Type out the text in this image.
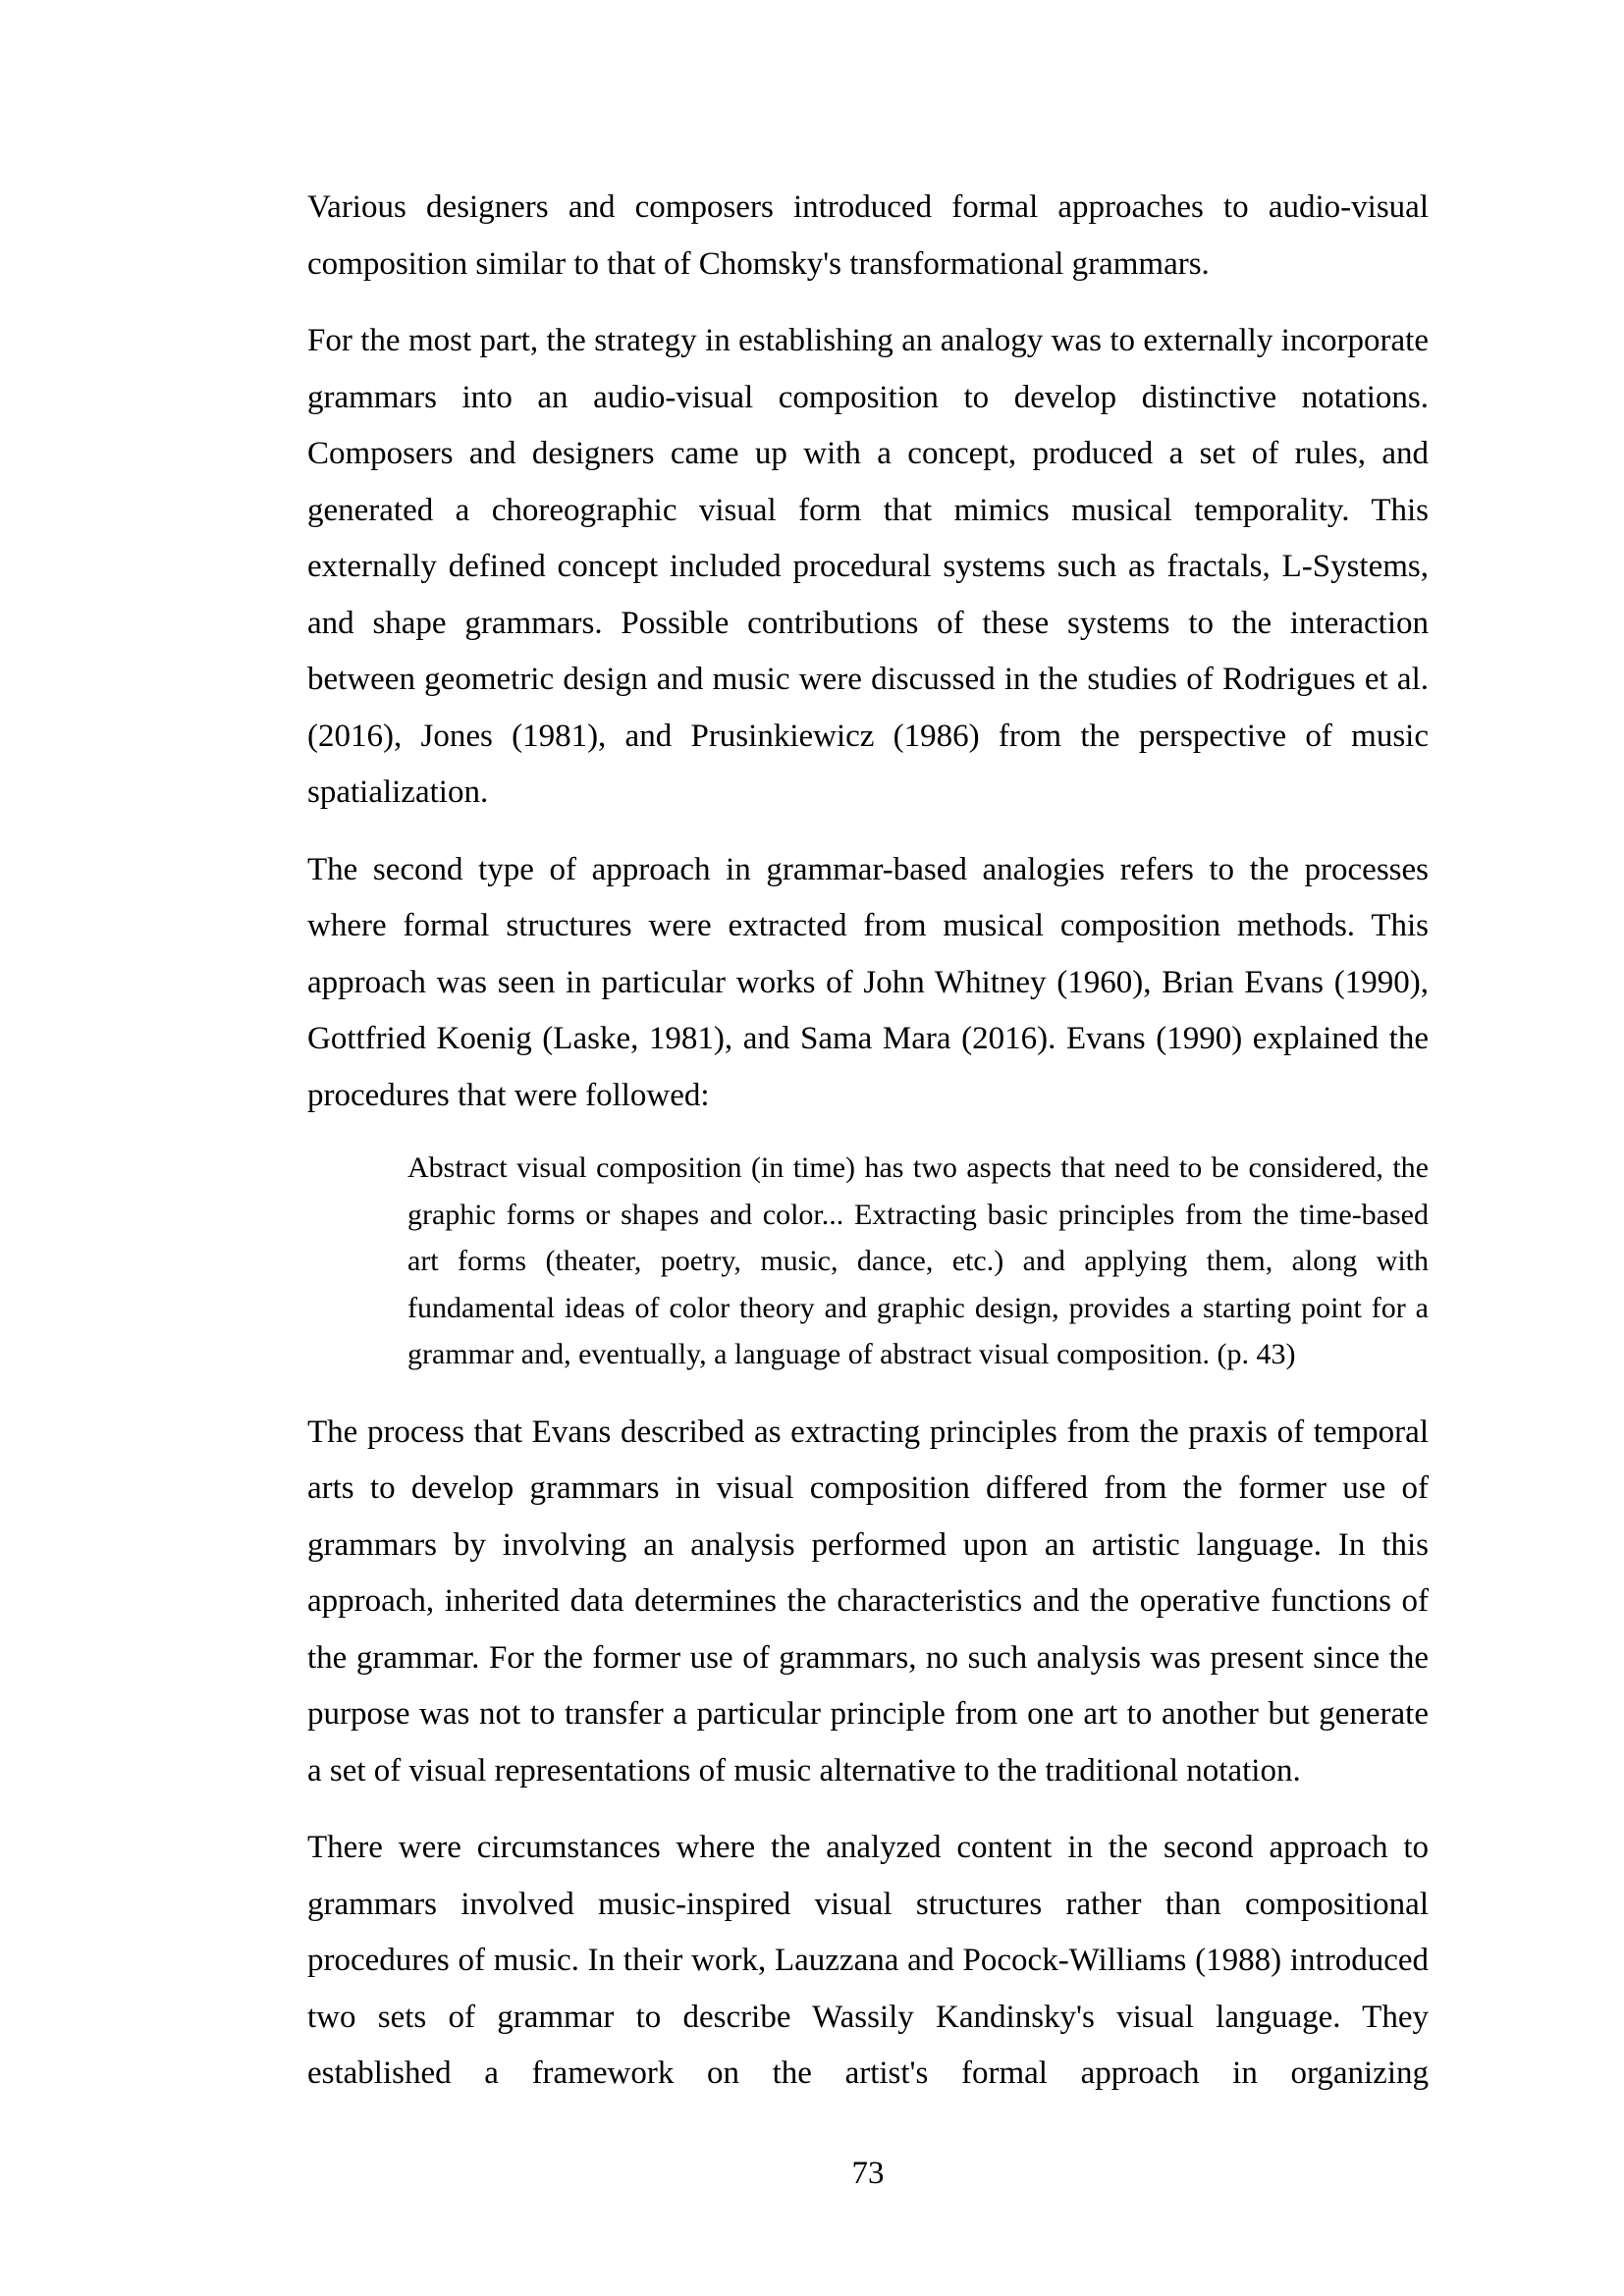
Various designers and composers introduced formal approaches to audio-visual composition similar to that of Chomsky's transformational grammars.

For the most part, the strategy in establishing an analogy was to externally incorporate grammars into an audio-visual composition to develop distinctive notations. Composers and designers came up with a concept, produced a set of rules, and generated a choreographic visual form that mimics musical temporality. This externally defined concept included procedural systems such as fractals, L-Systems, and shape grammars. Possible contributions of these systems to the interaction between geometric design and music were discussed in the studies of Rodrigues et al. (2016), Jones (1981), and Prusinkiewicz (1986) from the perspective of music spatialization.

The second type of approach in grammar-based analogies refers to the processes where formal structures were extracted from musical composition methods. This approach was seen in particular works of John Whitney (1960), Brian Evans (1990), Gottfried Koenig (Laske, 1981), and Sama Mara (2016). Evans (1990) explained the procedures that were followed:

Abstract visual composition (in time) has two aspects that need to be considered, the graphic forms or shapes and color... Extracting basic principles from the time-based art forms (theater, poetry, music, dance, etc.) and applying them, along with fundamental ideas of color theory and graphic design, provides a starting point for a grammar and, eventually, a language of abstract visual composition. (p. 43)

The process that Evans described as extracting principles from the praxis of temporal arts to develop grammars in visual composition differed from the former use of grammars by involving an analysis performed upon an artistic language. In this approach, inherited data determines the characteristics and the operative functions of the grammar. For the former use of grammars, no such analysis was present since the purpose was not to transfer a particular principle from one art to another but generate a set of visual representations of music alternative to the traditional notation.

There were circumstances where the analyzed content in the second approach to grammars involved music-inspired visual structures rather than compositional procedures of music. In their work, Lauzzana and Pocock-Williams (1988) introduced two sets of grammar to describe Wassily Kandinsky's visual language. They established a framework on the artist's formal approach in organizing

73
